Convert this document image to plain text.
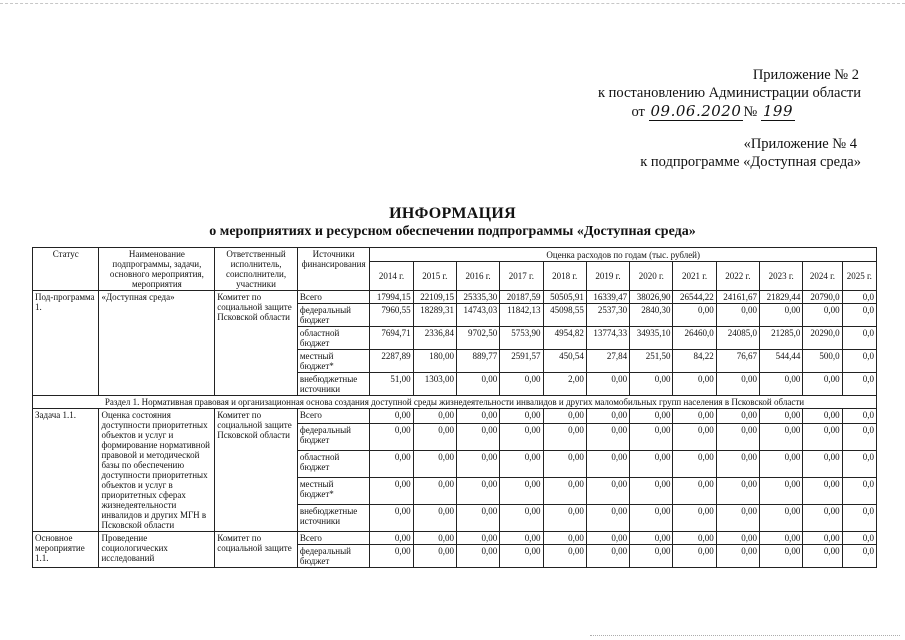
Приложение № 2
к постановлению Администрации области
от 09.06.2020 № 199
«Приложение № 4
к подпрограмме «Доступная среда»
ИНФОРМАЦИЯ
о мероприятиях и ресурсном обеспечении подпрограммы «Доступная среда»
Статус	Наименование подпрограммы, задачи, основного мероприятия, мероприятия	Ответственный исполнитель, соисполнители, участники	Источники финансирования	Оценка расходов по годам (тыс. рублей)											
				2014 г.	2015 г.	2016 г.	2017 г.	2018 г.	2019 г.	2020 г.	2021 г.	2022 г.	2023 г.	2024 г.	2025 г.
Под-программа 1.	«Доступная среда»	Комитет по социальной защите Псковской области	Всего	17994,15	22109,15	25335,30	20187,59	50505,91	16339,47	38026,90	26544,22	24161,67	21829,44	20790,0	0,0
			федеральный бюджет	7960,55	18289,31	14743,03	11842,13	45098,55	2537,30	2840,30	0,00	0,00	0,00	0,00	0,0
			областной бюджет	7694,71	2336,84	9702,50	5753,90	4954,82	13774,33	34935,10	26460,0	24085,0	21285,0	20290,0	0,0
			местный бюджет*	2287,89	180,00	889,77	2591,57	450,54	27,84	251,50	84,22	76,67	544,44	500,0	0,0
			внебюджетные источники	51,00	1303,00	0,00	0,00	2,00	0,00	0,00	0,00	0,00	0,00	0,00	0,0
Раздел 1. Нормативная правовая и организационная основа создания доступной среды жизнедеятельности инвалидов и других маломобильных групп населения в Псковской области															
Задача 1.1.	Оценка состояния доступности приоритетных объектов и услуг и формирование нормативной правовой и методической базы по обеспечению доступности приоритетных объектов и услуг в приоритетных сферах жизнедеятельности инвалидов и других МГН в Псковской области	Комитет по социальной защите Псковской области	Всего	0,00	0,00	0,00	0,00	0,00	0,00	0,00	0,00	0,00	0,00	0,00	0,0
			федеральный бюджет	0,00	0,00	0,00	0,00	0,00	0,00	0,00	0,00	0,00	0,00	0,00	0,0
			областной бюджет	0,00	0,00	0,00	0,00	0,00	0,00	0,00	0,00	0,00	0,00	0,00	0,0
			местный бюджет*	0,00	0,00	0,00	0,00	0,00	0,00	0,00	0,00	0,00	0,00	0,00	0,0
			внебюджетные источники	0,00	0,00	0,00	0,00	0,00	0,00	0,00	0,00	0,00	0,00	0,00	0,0
Основное мероприятие 1.1.	Проведение социологических исследований	Комитет по социальной защите	Всего	0,00	0,00	0,00	0,00	0,00	0,00	0,00	0,00	0,00	0,00	0,00	0,0
			федеральный бюджет	0,00	0,00	0,00	0,00	0,00	0,00	0,00	0,00	0,00	0,00	0,00	0,0
